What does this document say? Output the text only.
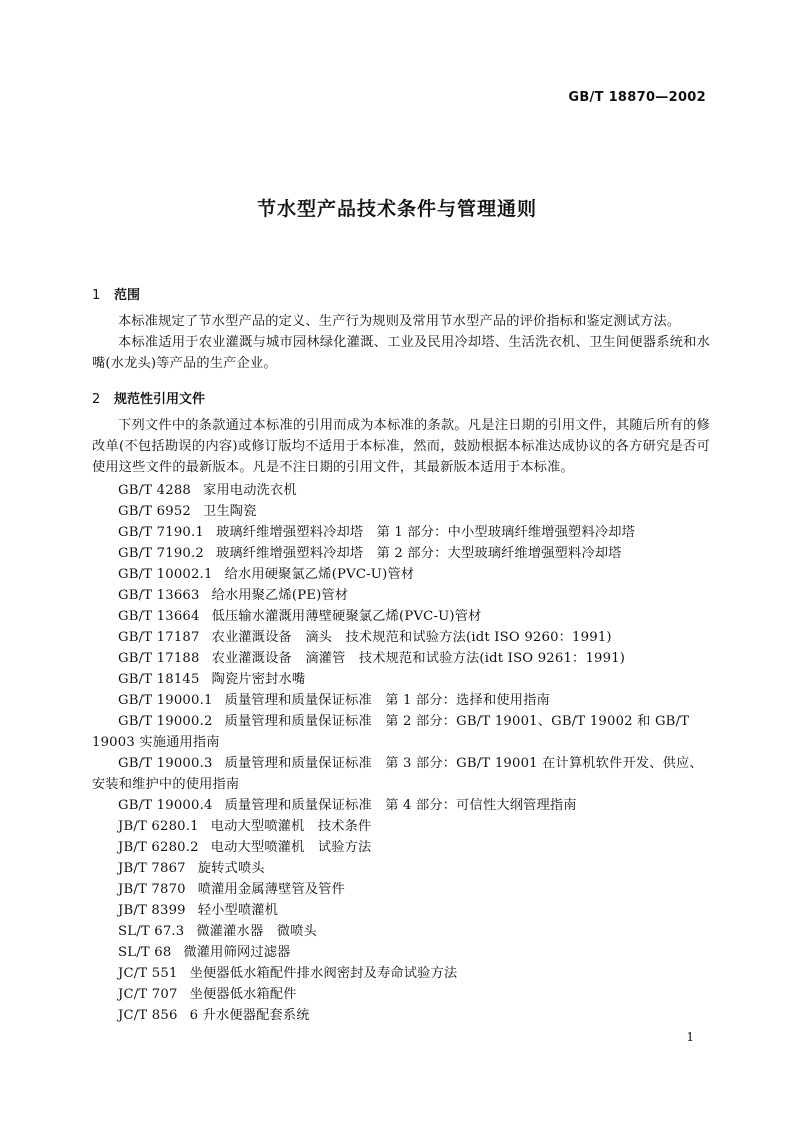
GB/T 18870—2002
节水型产品技术条件与管理通则
1 范围

本标准规定了节水型产品的定义、生产行为规则及常用节水型产品的评价指标和鉴定测试方法。

本标准适用于农业灌溉与城市园林绿化灌溉、工业及民用冷却塔、生活洗衣机、卫生间便器系统和水嘴(水龙头)等产品的生产企业。

2 规范性引用文件

下列文件中的条款通过本标准的引用而成为本标准的条款。凡是注日期的引用文件，其随后所有的修改单(不包括勘误的内容)或修订版均不适用于本标准，然而，鼓励根据本标准达成协议的各方研究是否可使用这些文件的最新版本。凡是不注日期的引用文件，其最新版本适用于本标准。

GB/T 4288 家用电动洗衣机
GB/T 6952 卫生陶瓷
GB/T 7190.1 玻璃纤维增强塑料冷却塔　第 1 部分：中小型玻璃纤维增强塑料冷却塔
GB/T 7190.2 玻璃纤维增强塑料冷却塔　第 2 部分：大型玻璃纤维增强塑料冷却塔
GB/T 10002.1 给水用硬聚氯乙烯(PVC-U)管材
GB/T 13663 给水用聚乙烯(PE)管材
GB/T 13664 低压输水灌溉用薄壁硬聚氯乙烯(PVC-U)管材
GB/T 17187 农业灌溉设备　滴头　技术规范和试验方法(idt ISO 9260：1991)
GB/T 17188 农业灌溉设备　滴灌管　技术规范和试验方法(idt ISO 9261：1991)
GB/T 18145 陶瓷片密封水嘴
GB/T 19000.1 质量管理和质量保证标准　第 1 部分：选择和使用指南
GB/T 19000.2 质量管理和质量保证标准　第 2 部分：GB/T 19001、GB/T 19002 和 GB/T 19003 实施通用指南
GB/T 19000.3 质量管理和质量保证标准　第 3 部分：GB/T 19001 在计算机软件开发、供应、安装和维护中的使用指南
GB/T 19000.4 质量管理和质量保证标准　第 4 部分：可信性大纲管理指南
JB/T 6280.1 电动大型喷灌机　技术条件
JB/T 6280.2 电动大型喷灌机　试验方法
JB/T 7867 旋转式喷头
JB/T 7870 喷灌用金属薄壁管及管件
JB/T 8399 轻小型喷灌机
SL/T 67.3 微灌灌水器　微喷头
SL/T 68 微灌用筛网过滤器
JC/T 551 坐便器低水箱配件排水阀密封及寿命试验方法
JC/T 707 坐便器低水箱配件
JC/T 856 6 升水便器配套系统
1
